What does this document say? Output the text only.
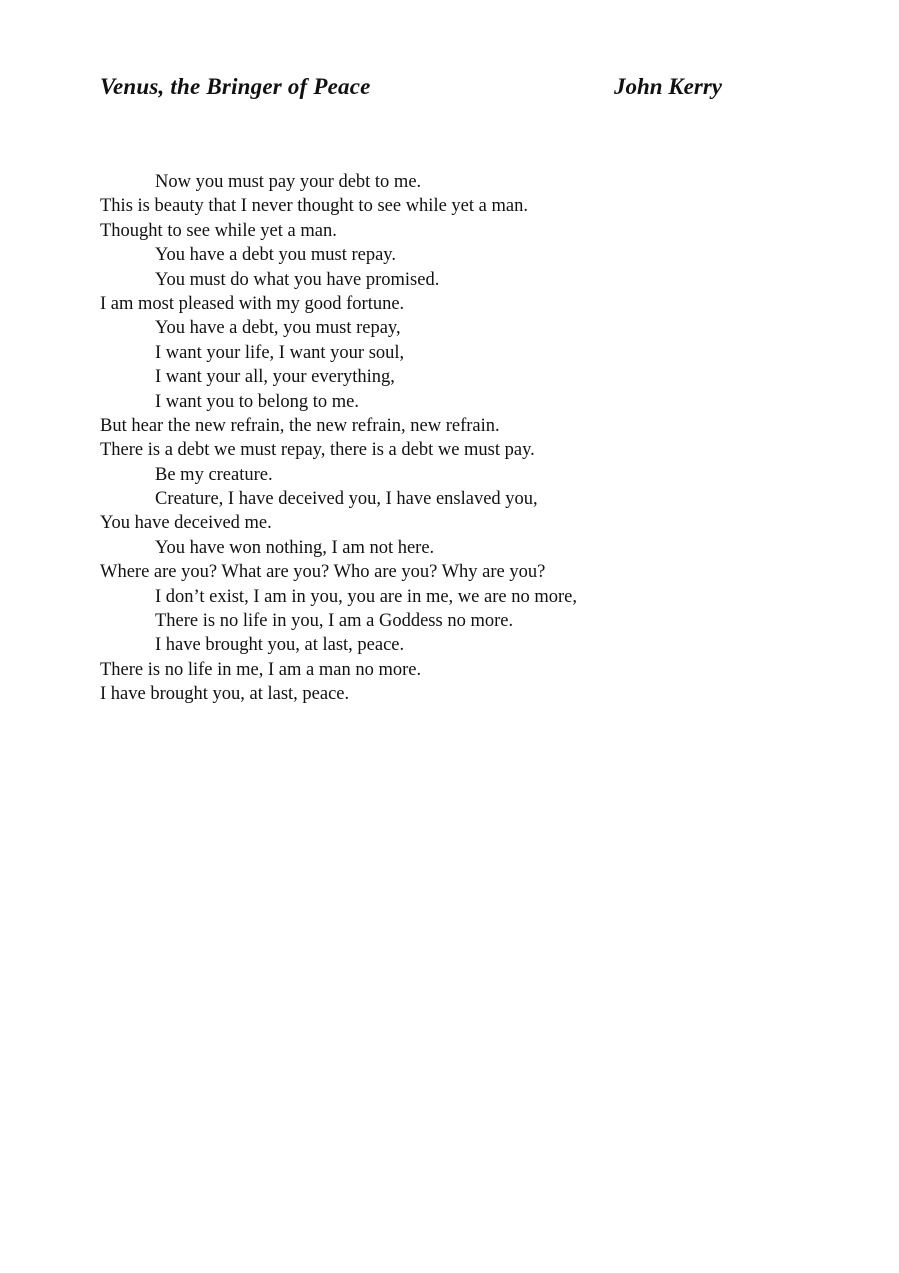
Venus, the Bringer of Peace	John Kerry
Now you must pay your debt to me.
This is beauty that I never thought to see while yet a man.
Thought to see while yet a man.
You have a debt you must repay.
You must do what you have promised.
I am most pleased with my good fortune.
You have a debt, you must repay,
I want your life, I want your soul,
I want your all, your everything,
I want you to belong to me.
But hear the new refrain, the new refrain, new refrain.
There is a debt we must repay, there is a debt we must pay.
Be my creature.
Creature, I have deceived you, I have enslaved you,
You have deceived me.
You have won nothing, I am not here.
Where are you? What are you? Who are you? Why are you?
I don’t exist, I am in you, you are in me, we are no more,
There is no life in you, I am a Goddess no more.
I have brought you, at last, peace.
There is no life in me, I am a man no more.
I have brought you, at last, peace.
